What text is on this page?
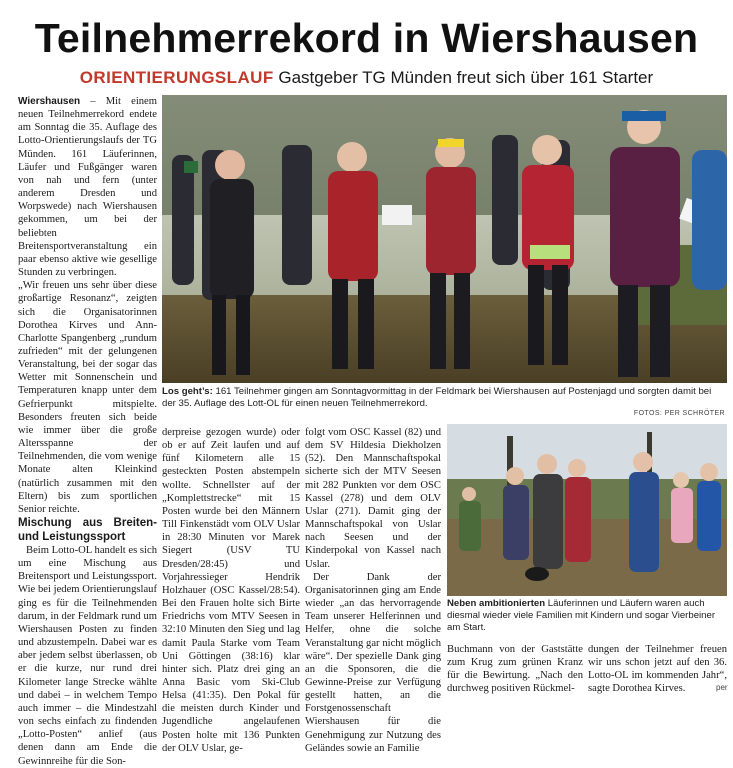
Teilnehmerrekord in Wiershausen
ORIENTIERUNGSLAUF Gastgeber TG Münden freut sich über 161 Starter

Wiershausen – Mit einem neuen Teilnehmerrekord endete am Sonntag die 35. Auflage des Lotto-Orientierungslaufs der TG Münden. 161 Läuferinnen, Läufer und Fußgänger waren von nah und fern (unter anderem Dresden und Worpswede) nach Wiershausen gekommen, um bei der beliebten Breitensportveranstaltung ein paar ebenso aktive wie gesellige Stunden zu verbringen.

„Wir freuen uns sehr über diese großartige Resonanz“, zeigten sich die Organisatorinnen Dorothea Kirves und Ann-Charlotte Spangenberg „rundum zufrieden“ mit der gelungenen Veranstaltung, bei der sogar das Wetter mit Sonnenschein und Temperaturen knapp unter dem Gefrierpunkt mitspielte. Besonders freuten sich beide wie immer über die große Altersspanne der Teilnehmenden, die vom wenige Monate alten Kleinkind (natürlich zusammen mit den Eltern) bis zum sportlichen Senior reichte.

Mischung aus Breiten- und Leistungssport

Beim Lotto-OL handelt es sich um eine Mischung aus Breitensport und Leistungssport. Wie bei jedem Orientierungslauf ging es für die Teilnehmenden darum, in der Feldmark rund um Wiershausen Posten zu finden und abzustempeln. Dabei war es aber jedem selbst überlassen, ob er die kurze, nur rund drei Kilometer lange Strecke wählte und dabei – in welchem Tempo auch immer – die Mindestzahl von sechs einfach zu findenden „Lotto-Posten“ anlief (aus denen dann am Ende die Gewinnreihe für die Son-

Los geht’s: 161 Teilnehmer gingen am Sonntagvormittag in der Feldmark bei Wiershausen auf Postenjagd und sorgten damit bei der 35. Auflage des Lott-OL für einen neuen Teilnehmerrekord.
FOTOS: PER SCHRÖTER

derpreise gezogen wurde) oder ob er auf Zeit laufen und auf fünf Kilometern alle 15 gesteckten Posten abstempeln wollte. Schnellster auf der „Komplettstrecke“ mit 15 Posten wurde bei den Männern Till Finkenstädt vom OLV Uslar in 28:30 Minuten vor Marek Siegert (USV TU Dresden/28:45) und Vorjahressieger Hendrik Holzhauer (OSC Kassel/28:54). Bei den Frauen holte sich Birte Friedrichs vom MTV Seesen in 32:10 Minuten den Sieg und lag damit Paula Starke vom Team Uni Göttingen (38:16) klar hinter sich. Platz drei ging an Anna Basic vom Ski-Club Helsa (41:35). Den Pokal für die meisten durch Kinder und Jugendliche angelaufenen Posten holte mit 136 Punkten der OLV Uslar, ge-

folgt vom OSC Kassel (82) und dem SV Hildesia Diekholzen (52). Den Mannschaftspokal sicherte sich der MTV Seesen mit 282 Punkten vor dem OSC Kassel (278) und dem OLV Uslar (271). Damit ging der Mannschaftspokal von Uslar nach Seesen und der Kinderpokal von Kassel nach Uslar.

Der Dank der Organisatorinnen ging am Ende wieder „an das hervorragende Team unserer Helferinnen und Helfer, ohne die solche Veranstaltung gar nicht möglich wäre“. Der spezielle Dank ging an die Sponsoren, die die Gewinne-Preise zur Verfügung gestellt hatten, an die Forstgenossenschaft Wiershausen für die Genehmigung zur Nutzung des Geländes sowie an Familie

Neben ambitionierten Läuferinnen und Läufern waren auch diesmal wieder viele Familien mit Kindern und sogar Vierbeiner am Start.

Buchmann von der Gaststätte zum Krug zum grünen Kranz für die Bewirtung. „Nach den durchweg positiven Rückmel-

dungen der Teilnehmer freuen wir uns schon jetzt auf den 36. Lotto-OL im kommenden Jahr“, sagte Dorothea Kirves.	per
